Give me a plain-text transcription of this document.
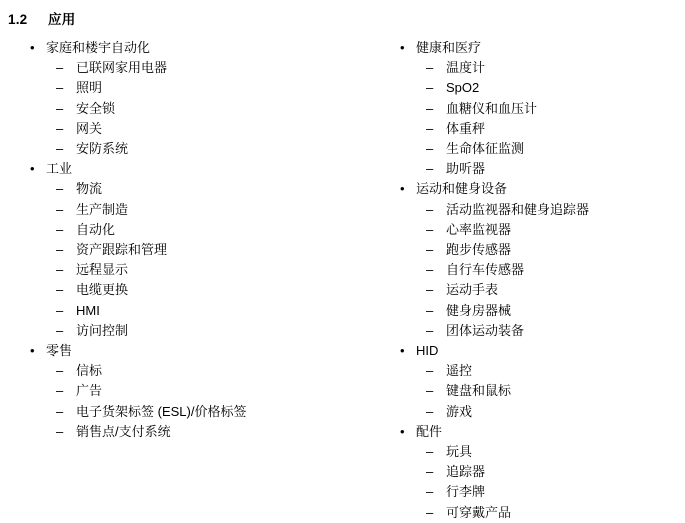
1.2	应用
• 家庭和楼宇自动化
– 已联网家用电器
– 照明
– 安全锁
– 网关
– 安防系统
• 工业
– 物流
– 生产制造
– 自动化
– 资产跟踪和管理
– 远程显示
– 电缆更换
– HMI
– 访问控制
• 零售
– 信标
– 广告
– 电子货架标签 (ESL)/价格标签
– 销售点/支付系统
• 健康和医疗
– 温度计
– SpO2
– 血糖仪和血压计
– 体重秤
– 生命体征监测
– 助听器
• 运动和健身设备
– 活动监视器和健身追踪器
– 心率监视器
– 跑步传感器
– 自行车传感器
– 运动手表
– 健身房器械
– 团体运动装备
• HID
– 遥控
– 键盘和鼠标
– 游戏
• 配件
– 玩具
– 追踪器
– 行李牌
– 可穿戴产品
